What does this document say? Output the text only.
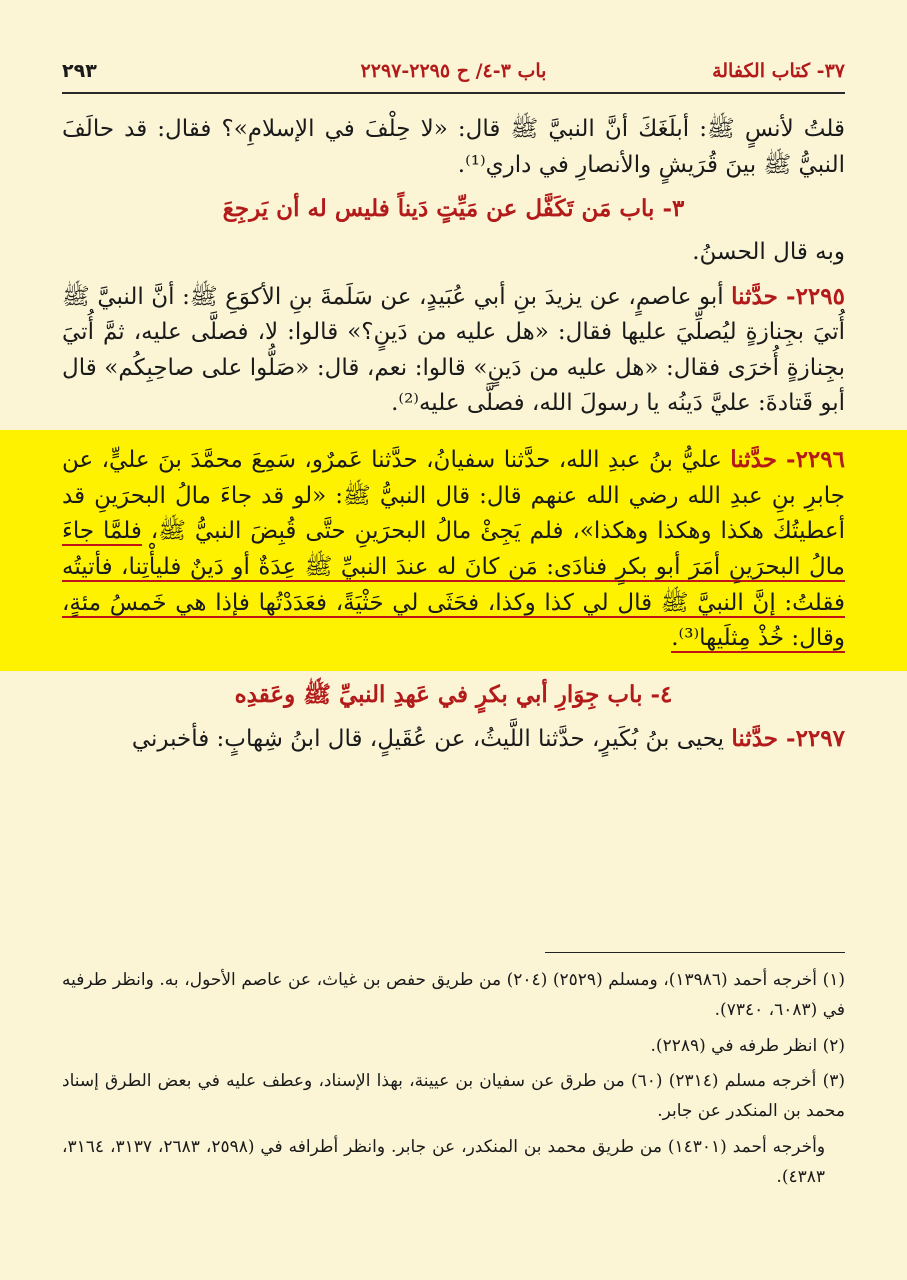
٣٧- كتاب الكفالة
باب ٣-٤/ ح ٢٢٩٥-٢٢٩٧
٢٩٣

قلتُ لأنسٍ ﷺ: أبلَغَكَ أنَّ النبيَّ ﷺ قال: «لا حِلْفَ في الإسلامِ»؟ فقال: قد حالَفَ النبيُّ ﷺ بينَ قُرَيشٍ والأنصارِ في داري⁽¹⁾.

٣- باب مَن تَكَفَّل عن مَيِّتٍ دَيناً فليس له أن يَرجِعَ

وبه قال الحسنُ.

٢٢٩٥- حدَّثنا أبو عاصمٍ، عن يزيدَ بنِ أبي عُبَيدٍ، عن سَلَمةَ بنِ الأكوَعِ ﷺ: أنَّ النبيَّ ﷺ أُتيَ بجِنازةٍ ليُصلِّيَ عليها فقال: «هل عليه من دَينٍ؟» قالوا: لا، فصلَّى عليه، ثمَّ أُتيَ بجِنازةٍ أُخرَى فقال: «هل عليه من دَينٍ» قالوا: نعم، قال: «صَلُّوا على صاحِبِكُم» قال أبو قَتادةَ: عليَّ دَينُه يا رسولَ الله، فصلَّى عليه⁽²⁾.

٢٢٩٦- حدَّثنا عليُّ بنُ عبدِ الله، حدَّثنا سفيانُ، حدَّثنا عَمرٌو، سَمِعَ محمَّدَ بنَ عليٍّ، عن جابرِ بنِ عبدِ الله رضي الله عنهم قال: قال النبيُّ ﷺ: «لو قد جاءَ مالُ البحرَينِ قد أعطيتُكَ هكذا وهكذا وهكذا»، فلم يَجِئْ مالُ البحرَينِ حتَّى قُبِضَ النبيُّ ﷺ، فلمَّا جاءَ مالُ البحرَينِ أمَرَ أبو بكرٍ فنادَى: مَن كانَ له عندَ النبيِّ ﷺ عِدَةٌ أو دَينٌ فليأْتِنا، فأتيتُه فقلتُ: إنَّ النبيَّ ﷺ قال لي كذا وكذا، فحَثَى لي حَثْيَةً، فعَدَدْتُها فإذا هي خَمسُ مئةٍ، وقال: خُذْ مِثلَيها⁽³⁾.

٤- باب جِوَارِ أبي بكرٍ في عَهدِ النبيِّ ﷺ وعَقدِه

٢٢٩٧- حدَّثنا يحيى بنُ بُكَيرٍ، حدَّثنا اللَّيثُ، عن عُقَيلٍ، قال ابنُ شِهابٍ: فأخبرني

(١) أخرجه أحمد (١٣٩٨٦)، ومسلم (٢٥٢٩) (٢٠٤) من طريق حفص بن غياث، عن عاصم الأحول، به. وانظر طرفيه في (٦٠٨٣، ٧٣٤٠).

(٢) انظر طرفه في (٢٢٨٩).

(٣) أخرجه مسلم (٢٣١٤) (٦٠) من طرق عن سفيان بن عيينة، بهذا الإسناد، وعطف عليه في بعض الطرق إسناد محمد بن المنكدر عن جابر.

وأخرجه أحمد (١٤٣٠١) من طريق محمد بن المنكدر، عن جابر. وانظر أطرافه في (٢٥٩٨، ٢٦٨٣، ٣١٣٧، ٣١٦٤، ٤٣٨٣).
